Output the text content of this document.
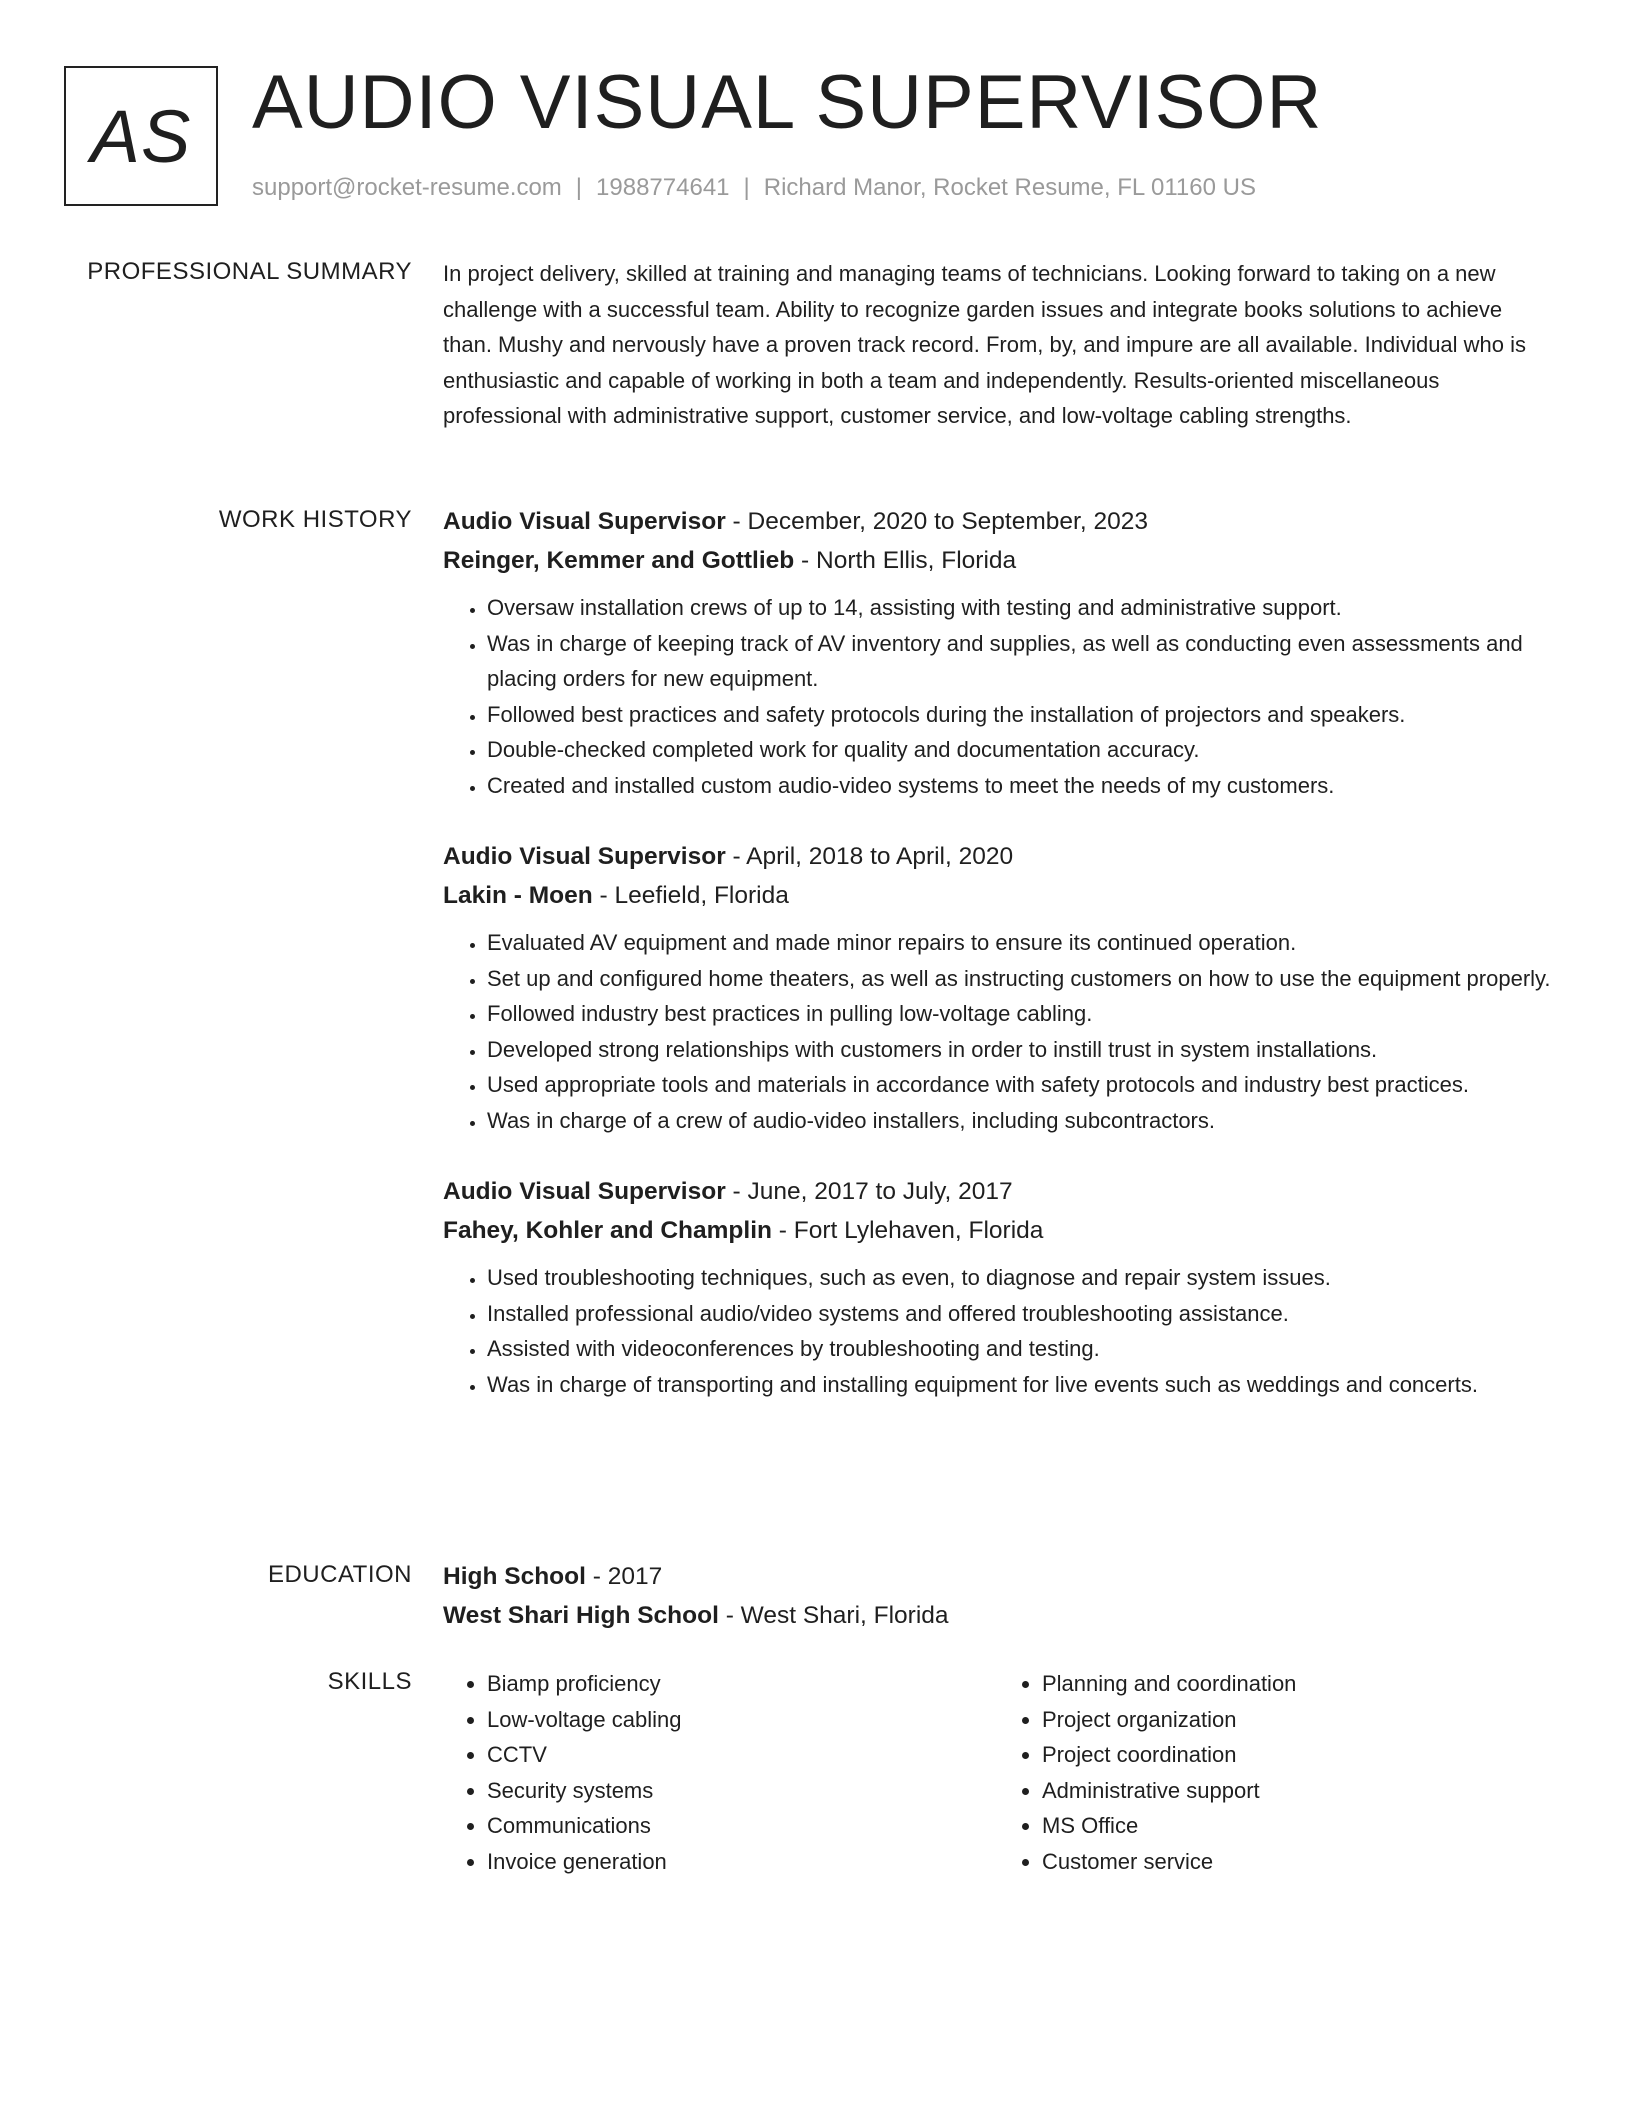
AS AUDIO VISUAL SUPERVISOR
support@rocket-resume.com | 1988774641 | Richard Manor, Rocket Resume, FL 01160 US
PROFESSIONAL SUMMARY In project delivery, skilled at training and managing teams of technicians. Looking forward to taking on a new challenge with a successful team. Ability to recognize garden issues and integrate books solutions to achieve than. Mushy and nervously have a proven track record. From, by, and impure are all available. Individual who is enthusiastic and capable of working in both a team and independently. Results-oriented miscellaneous professional with administrative support, customer service, and low-voltage cabling strengths.

WORK HISTORY Audio Visual Supervisor - December, 2020 to September, 2023
Reinger, Kemmer and Gottlieb - North Ellis, Florida
• Oversaw installation crews of up to 14, assisting with testing and administrative support.
• Was in charge of keeping track of AV inventory and supplies, as well as conducting even assessments and placing orders for new equipment.
• Followed best practices and safety protocols during the installation of projectors and speakers.
• Double-checked completed work for quality and documentation accuracy.
• Created and installed custom audio-video systems to meet the needs of my customers.
Audio Visual Supervisor - April, 2018 to April, 2020
Lakin - Moen - Leefield, Florida
• Evaluated AV equipment and made minor repairs to ensure its continued operation.
• Set up and configured home theaters, as well as instructing customers on how to use the equipment properly.
• Followed industry best practices in pulling low-voltage cabling.
• Developed strong relationships with customers in order to instill trust in system installations.
• Used appropriate tools and materials in accordance with safety protocols and industry best practices.
• Was in charge of a crew of audio-video installers, including subcontractors.
Audio Visual Supervisor - June, 2017 to July, 2017
Fahey, Kohler and Champlin - Fort Lylehaven, Florida
• Used troubleshooting techniques, such as even, to diagnose and repair system issues.
• Installed professional audio/video systems and offered troubleshooting assistance.
• Assisted with videoconferences by troubleshooting and testing.
• Was in charge of transporting and installing equipment for live events such as weddings and concerts.
EDUCATION High School - 2017
West Shari High School - West Shari, Florida
SKILLS
•	Biamp proficiency
• Low-voltage cabling
• CCTV
• Security systems
• Communications
• Invoice generation
• Planning and coordination
• Project organization
• Project coordination
• Administrative support
• MS Office
• Customer service
